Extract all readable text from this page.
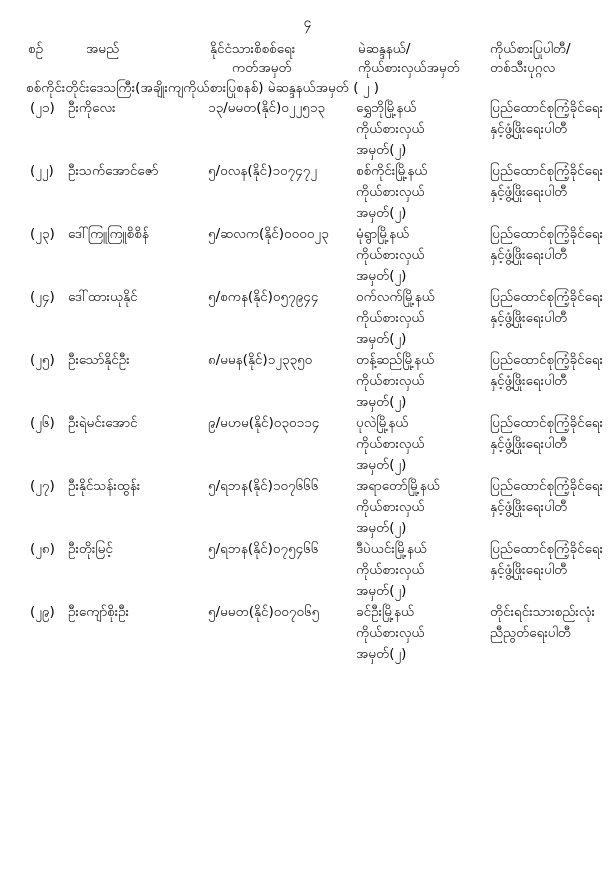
၄
စဉ်	အမည်	နိုင်ငံသားစိစစ်ရေး
ကတ်အမှတ်	မဲဆန္ဒနယ်/
ကိုယ်စားလှယ်အမှတ်	ကိုယ်စားပြုပါတီ/
တစ်သီးပုဂ္ဂလ

စစ်ကိုင်းတိုင်းဒေသကြီး(အချိုးကျကိုယ်စားပြုစနစ်) မဲဆန္ဒနယ်အမှတ် ( ၂ )				
(၂၁)	ဦးကိုလေး	၁၃/မမတ(နိုင်)၀၂၂၅၁၃	ရွှေဘိုမြို့နယ်
ကိုယ်စားလှယ်
အမှတ်(၂)	ပြည်ထောင်စုကြံ့ခိုင်ရေး
နှင့်ဖွံ့ဖြိုးရေးပါတီ

(၂၂)	ဦးသက်အောင်ဇော်	၅/၀လန(နိုင်)၁၀၇၄၇၂	စစ်ကိုင်းမြို့နယ်
ကိုယ်စားလှယ်
အမှတ်(၂)	ပြည်ထောင်စုကြံ့ခိုင်ရေး
နှင့်ဖွံ့ဖြိုးရေးပါတီ

(၂၃)	ဒေါ်ကြူကြူစိစိန်	၅/ဆလက(နိုင်)၀၀၀၀၂၃	မုံရွာမြို့နယ်
ကိုယ်စားလှယ်
အမှတ်(၂)	ပြည်ထောင်စုကြံ့ခိုင်ရေး
နှင့်ဖွံ့ဖြိုးရေးပါတီ

(၂၄)	ဒေါ်ထားယုနိုင်	၅/စကန(နိုင်)၀၅၇၉၄၄	ဝက်လက်မြို့နယ်
ကိုယ်စားလှယ်
အမှတ်(၂)	ပြည်ထောင်စုကြံ့ခိုင်ရေး
နှင့်ဖွံ့ဖြိုးရေးပါတီ

(၂၅)	ဦးသော်နိုင်ဦး	၈/မမန(နိုင်)၁၂၃၃၅၀	တန့်ဆည်မြို့နယ်
ကိုယ်စားလှယ်
အမှတ်(၂)	ပြည်ထောင်စုကြံ့ခိုင်ရေး
နှင့်ဖွံ့ဖြိုးရေးပါတီ

(၂၆)	ဦးရဲမင်းအောင်	၉/မဟမ(နိုင်)၀၃၀၁၁၄	ပုလဲမြို့နယ်
ကိုယ်စားလှယ်
အမှတ်(၂)	ပြည်ထောင်စုကြံ့ခိုင်ရေး
နှင့်ဖွံ့ဖြိုးရေးပါတီ

(၂၇)	ဦးနိုင်သန်းထွန်း	၅/ရဘန(နိုင်)၁၀၇၆၆၆	အရာတော်မြို့နယ်
ကိုယ်စားလှယ်
အမှတ်(၂)	ပြည်ထောင်စုကြံ့ခိုင်ရေး
နှင့်ဖွံ့ဖြိုးရေးပါတီ

(၂၈)	ဦးတိုးမြင့်	၅/ရဘန(နိုင်)၀၇၅၄၆၆	ဒီပဲယင်းမြို့နယ်
ကိုယ်စားလှယ်
အမှတ်(၂)	ပြည်ထောင်စုကြံ့ခိုင်ရေး
နှင့်ဖွံ့ဖြိုးရေးပါတီ

(၂၉)	ဦးကျော်စိုးဦး	၅/မမတ(နိုင်)၀၀၇၀၆၅	ခင်ဦးမြို့နယ်
ကိုယ်စားလှယ်
အမှတ်(၂)	တိုင်းရင်းသားစည်းလုံး
ညီညွတ်ရေးပါတီ
